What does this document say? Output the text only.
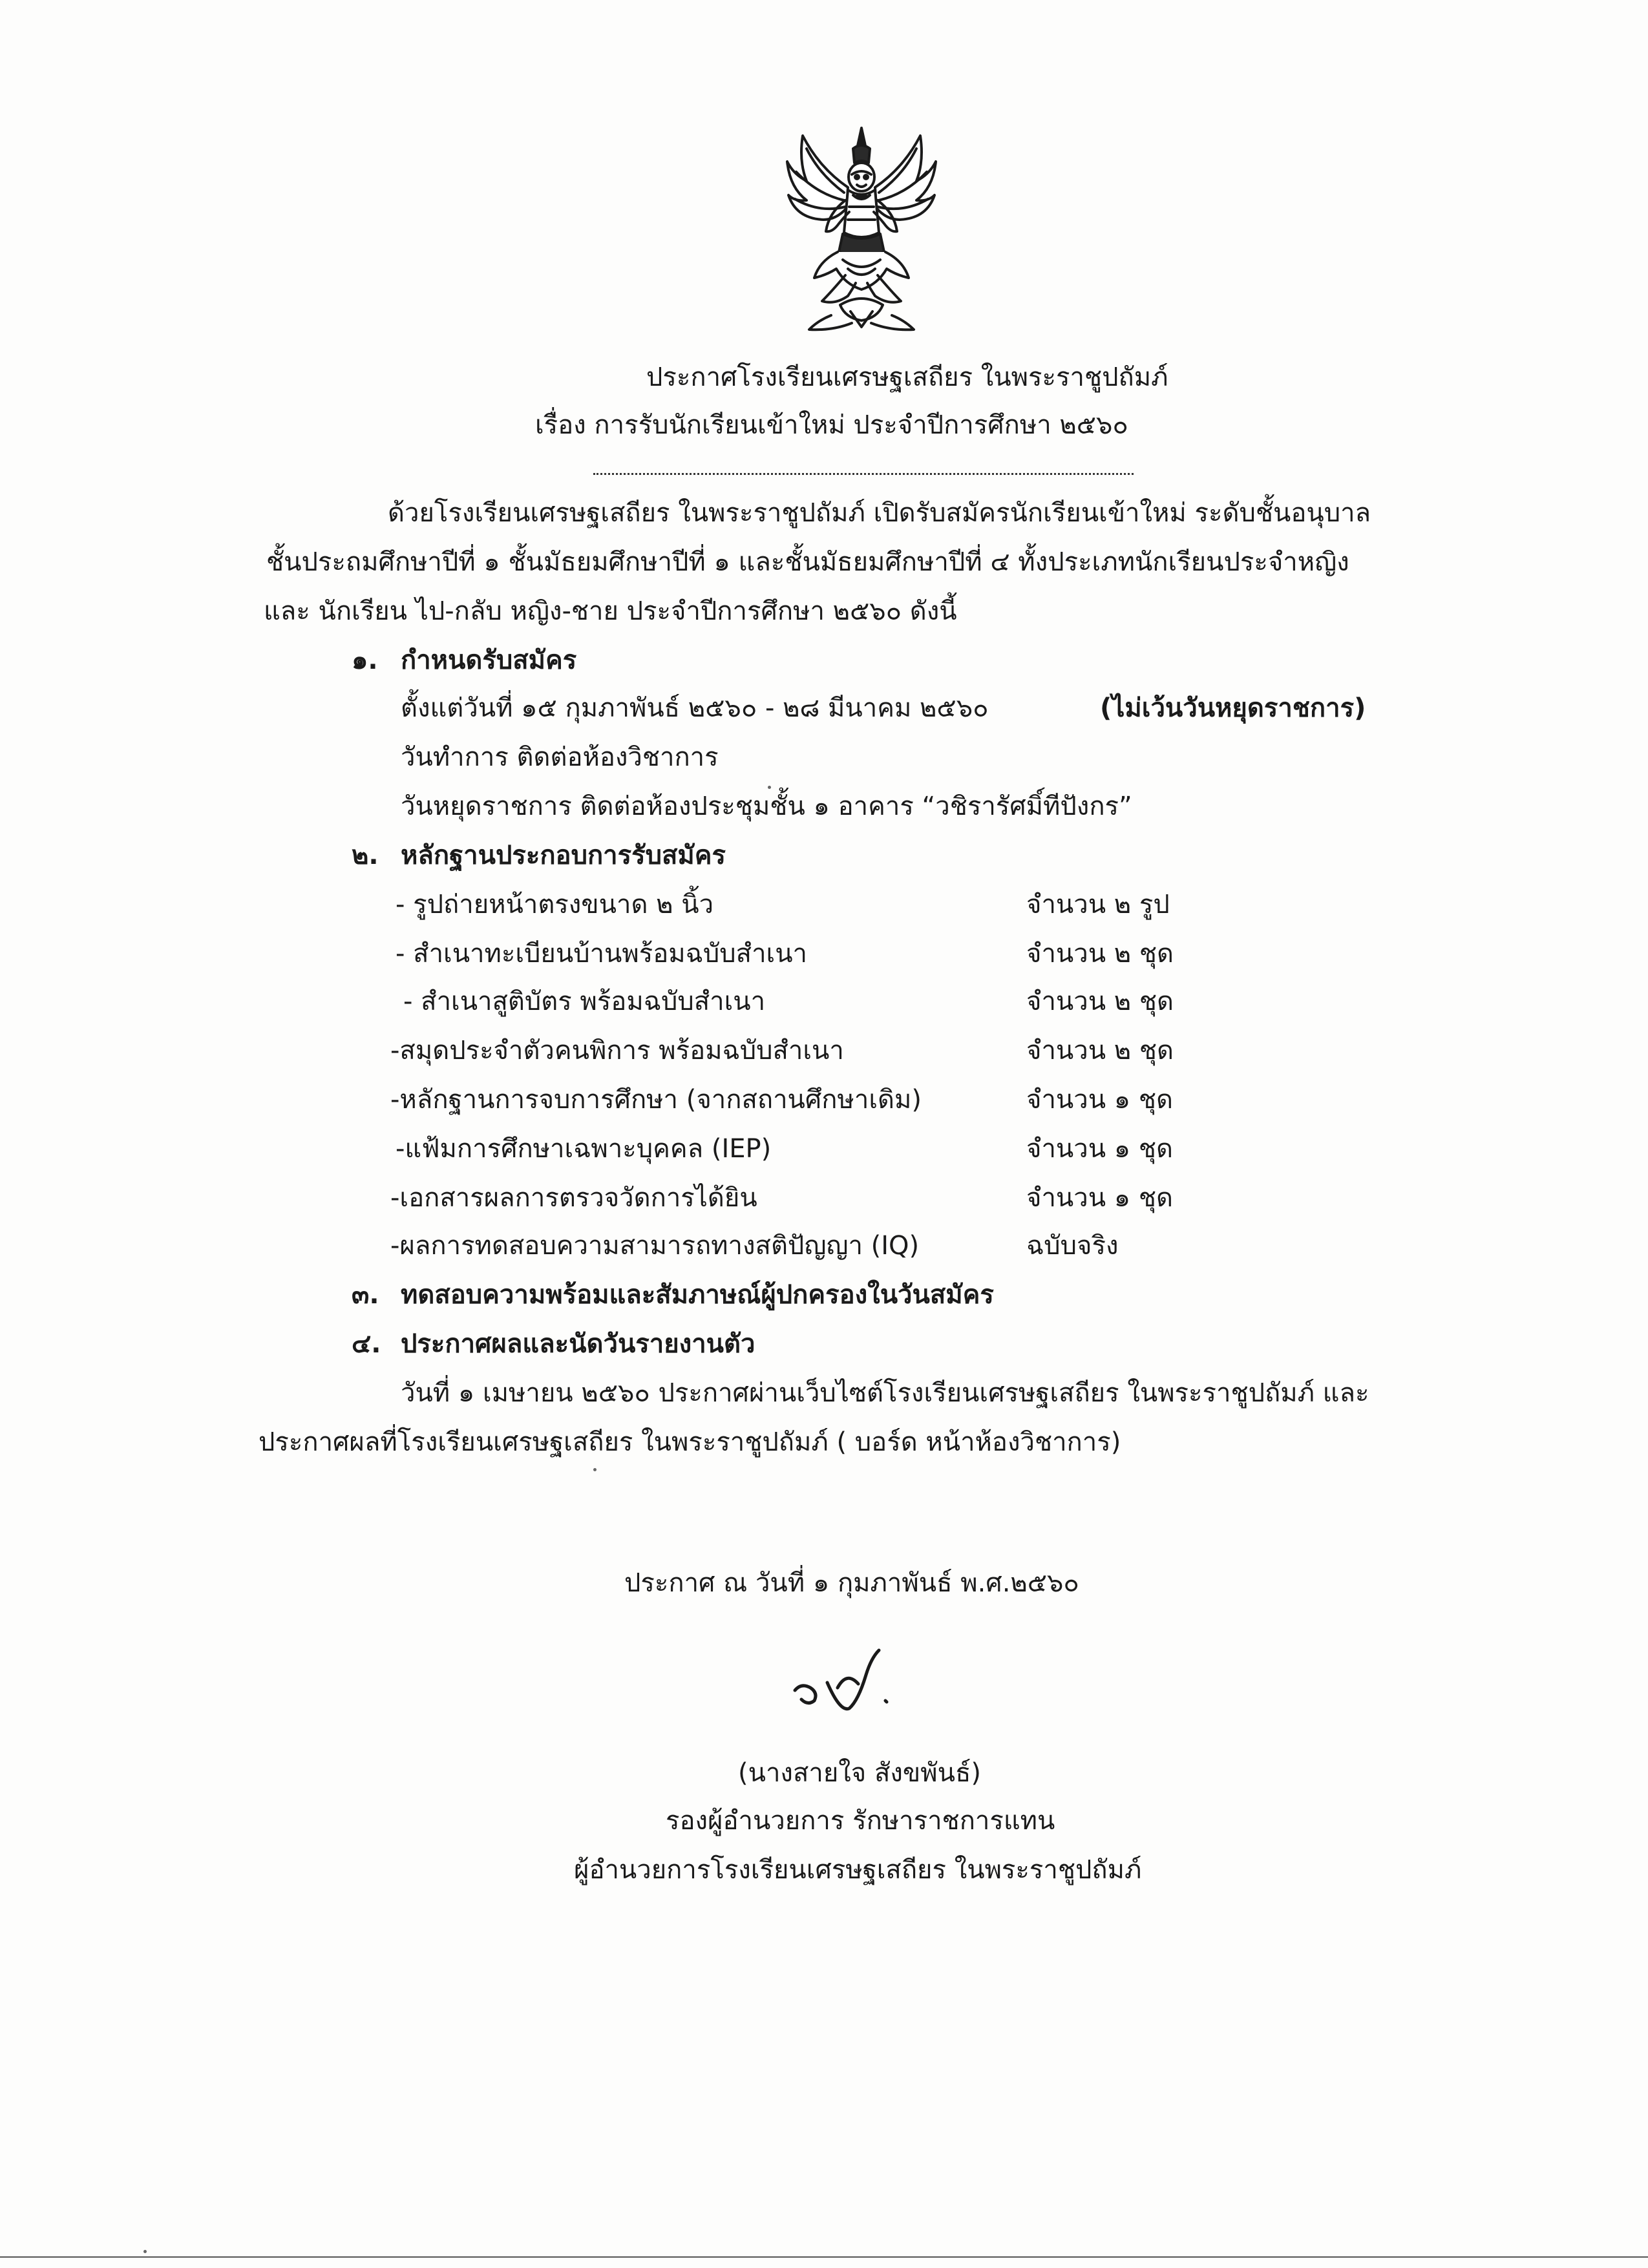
ประกาศโรงเรียนเศรษฐเสถียร ในพระราชูปถัมภ์
เรื่อง การรับนักเรียนเข้าใหม่ ประจำปีการศึกษา ๒๕๖๐
ด้วยโรงเรียนเศรษฐเสถียร ในพระราชูปถัมภ์ เปิดรับสมัครนักเรียนเข้าใหม่ ระดับชั้นอนุบาล
ชั้นประถมศึกษาปีที่ ๑ ชั้นมัธยมศึกษาปีที่ ๑ และชั้นมัธยมศึกษาปีที่ ๔ ทั้งประเภทนักเรียนประจำหญิง
และ นักเรียน ไป-กลับ หญิง-ชาย ประจำปีการศึกษา ๒๕๖๐ ดังนี้
๑. กำหนดรับสมัคร
ตั้งแต่วันที่ ๑๕ กุมภาพันธ์ ๒๕๖๐ - ๒๘ มีนาคม ๒๕๖๐	(ไม่เว้นวันหยุดราชการ)
วันทำการ ติดต่อห้องวิชาการ
วันหยุดราชการ ติดต่อห้องประชุมชั้น ๑ อาคาร “วชิรารัศมิ์ทีปังกร”
๒. หลักฐานประกอบการรับสมัคร
- รูปถ่ายหน้าตรงขนาด ๒ นิ้ว	จำนวน ๒ รูป
- สำเนาทะเบียนบ้านพร้อมฉบับสำเนา	จำนวน ๒ ชุด
- สำเนาสูติบัตร พร้อมฉบับสำเนา	จำนวน ๒ ชุด
-สมุดประจำตัวคนพิการ พร้อมฉบับสำเนา	จำนวน ๒ ชุด
-หลักฐานการจบการศึกษา (จากสถานศึกษาเดิม)	จำนวน ๑ ชุด
-แฟ้มการศึกษาเฉพาะบุคคล (IEP)	จำนวน ๑ ชุด
-เอกสารผลการตรวจวัดการได้ยิน	จำนวน ๑ ชุด
-ผลการทดสอบความสามารถทางสติปัญญา (IQ)	ฉบับจริง
๓. ทดสอบความพร้อมและสัมภาษณ์ผู้ปกครองในวันสมัคร
๔. ประกาศผลและนัดวันรายงานตัว
วันที่ ๑ เมษายน ๒๕๖๐ ประกาศผ่านเว็บไซต์โรงเรียนเศรษฐเสถียร ในพระราชูปถัมภ์ และ
ประกาศผลที่โรงเรียนเศรษฐเสถียร ในพระราชูปถัมภ์ ( บอร์ด หน้าห้องวิชาการ)
ประกาศ ณ วันที่ ๑ กุมภาพันธ์ พ.ศ.๒๕๖๐
(นางสายใจ สังขพันธ์)
รองผู้อำนวยการ รักษาราชการแทน
ผู้อำนวยการโรงเรียนเศรษฐเสถียร ในพระราชูปถัมภ์
